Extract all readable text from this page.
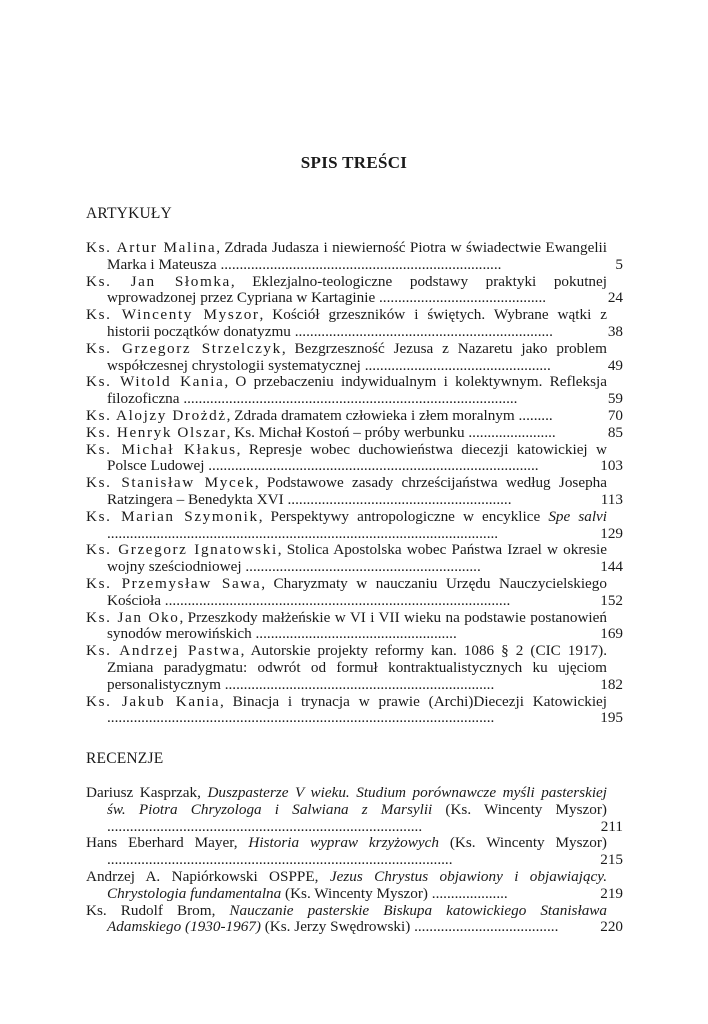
SPIS TREŚCI
ARTYKUŁY
Ks. Artur Malina, Zdrada Judasza i niewierność Piotra w świadectwie Ewangelii Marka i Mateusza ..........................................................................	5
Ks. Jan Słomka, Eklezjalno-teologiczne podstawy praktyki pokutnej wprowadzonej przez Cypriana w Kartaginie ............................................	24
Ks. Wincenty Myszor, Kościół grzeszników i świętych. Wybrane wątki z historii początków donatyzmu ....................................................................	38
Ks. Grzegorz Strzelczyk, Bezgrzeszność Jezusa z Nazaretu jako problem współczesnej chrystologii systematycznej .................................................	49
Ks. Witold Kania, O przebaczeniu indywidualnym i kolektywnym. Refleksja filozoficzna ........................................................................................	59
Ks. Alojzy Drożdż, Zdrada dramatem człowieka i złem moralnym .........	70
Ks. Henryk Olszar, Ks. Michał Kostoń – próby werbunku .......................	85
Ks. Michał Kłakus, Represje wobec duchowieństwa diecezji katowickiej w Polsce Ludowej .......................................................................................	103
Ks. Stanisław Mycek, Podstawowe zasady chrześcijaństwa według Josepha Ratzingera – Benedykta XVI ...........................................................	113
Ks. Marian Szymonik, Perspektywy antropologiczne w encyklice Spe salvi .......................................................................................................	129
Ks. Grzegorz Ignatowski, Stolica Apostolska wobec Państwa Izrael w okresie wojny sześciodniowej ..............................................................	144
Ks. Przemysław Sawa, Charyzmaty w nauczaniu Urzędu Nauczycielskiego Kościoła ...........................................................................................	152
Ks. Jan Oko, Przeszkody małżeńskie w VI i VII wieku na podstawie postanowień synodów merowińskich .....................................................	169
Ks. Andrzej Pastwa, Autorskie projekty reformy kan. 1086 § 2 (CIC 1917). Zmiana paradygmatu: odwrót od formuł kontraktualistycznych ku ujęciom personalistycznym .......................................................................	182
Ks. Jakub Kania, Binacja i trynacja w prawie (Archi)Diecezji Katowickiej ......................................................................................................	195
RECENZJE
Dariusz Kasprzak, Duszpasterze V wieku. Studium porównawcze myśli pasterskiej św. Piotra Chryzologa i Salwiana z Marsylii (Ks. Wincenty Myszor) ...................................................................................	211
Hans Eberhard Mayer, Historia wypraw krzyżowych (Ks. Wincenty Myszor) ...........................................................................................	215
Andrzej A. Napiórkowski OSPPE, Jezus Chrystus objawiony i objawiający. Chrystologia fundamentalna (Ks. Wincenty Myszor) ....................	219
Ks. Rudolf Brom, Nauczanie pasterskie Biskupa katowickiego Stanisława Adamskiego (1930-1967) (Ks. Jerzy Swędrowski) ......................................	220
